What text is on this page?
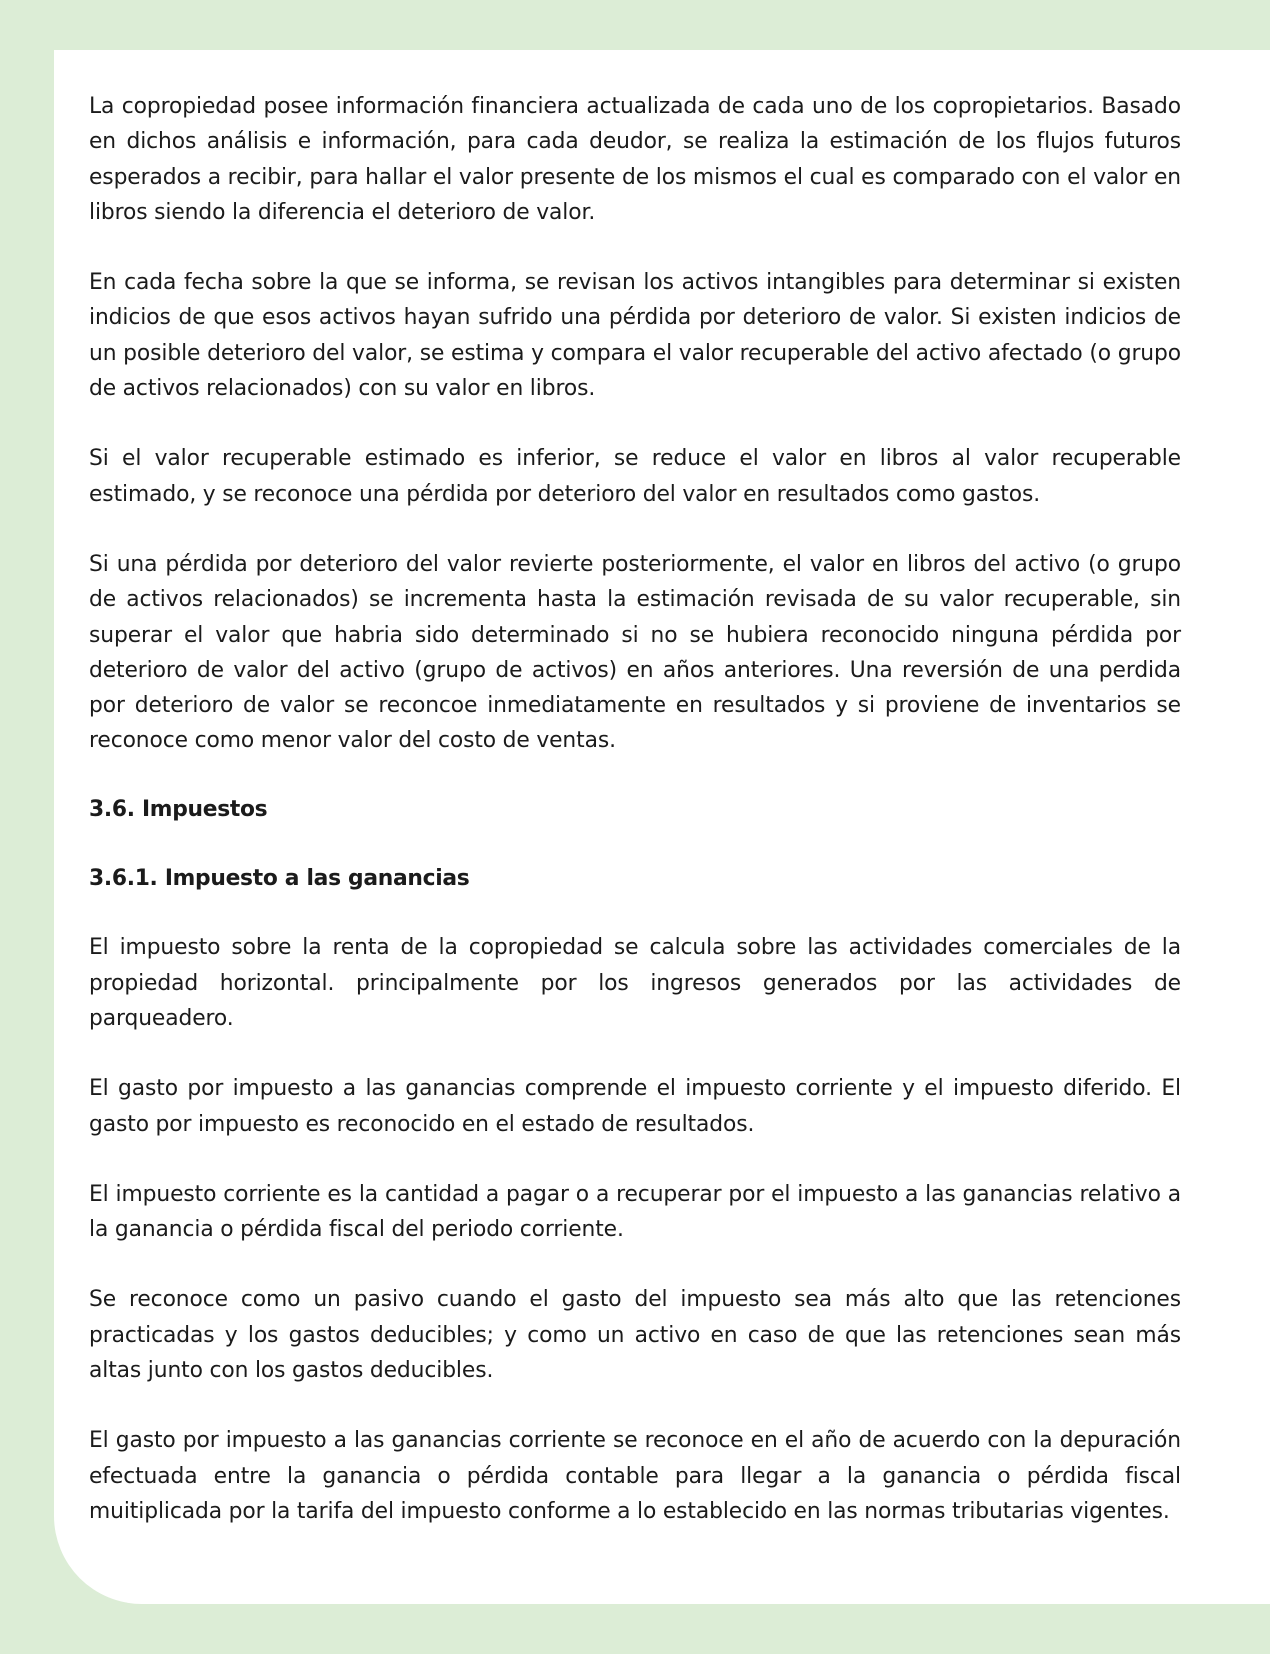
La copropiedad posee información financiera actualizada de cada uno de los copropietarios. Basado en dichos análisis e información, para cada deudor, se realiza la estimación de los flujos futuros esperados a recibir, para hallar el valor presente de los mismos el cual es comparado con el valor en libros siendo la diferencia el deterioro de valor.

En cada fecha sobre la que se informa, se revisan los activos intangibles para determinar si existen indicios de que esos activos hayan sufrido una pérdida por deterioro de valor. Si existen indicios de un posible deterioro del valor, se estima y compara el valor recuperable del activo afectado (o grupo de activos relacionados) con su valor en libros.

Si el valor recuperable estimado es inferior, se reduce el valor en libros al valor recuperable estimado, y se reconoce una pérdida por deterioro del valor en resultados como gastos.

Si una pérdida por deterioro del valor revierte posteriormente, el valor en libros del activo (o grupo de activos relacionados) se incrementa hasta la estimación revisada de su valor recuperable, sin superar el valor que habria sido determinado si no se hubiera reconocido ninguna pérdida por deterioro de valor del activo (grupo de activos) en años anteriores. Una reversión de una perdida por deterioro de valor se reconcoe inmediatamente en resultados y si proviene de inventarios se reconoce como menor valor del costo de ventas.

3.6. Impuestos
3.6.1. Impuesto a las ganancias

El impuesto sobre la renta de la copropiedad se calcula sobre las actividades comerciales de la propiedad horizontal. principalmente por los ingresos generados por las actividades de parqueadero.

El gasto por impuesto a las ganancias comprende el impuesto corriente y el impuesto diferido. El gasto por impuesto es reconocido en el estado de resultados.

El impuesto corriente es la cantidad a pagar o a recuperar por el impuesto a las ganancias relativo a la ganancia o pérdida fiscal del periodo corriente.

Se reconoce como un pasivo cuando el gasto del impuesto sea más alto que las retenciones practicadas y los gastos deducibles; y como un activo en caso de que las retenciones sean más altas junto con los gastos deducibles.

El gasto por impuesto a las ganancias corriente se reconoce en el año de acuerdo con la depuración efectuada entre la ganancia o pérdida contable para llegar a la ganancia o pérdida fiscal muitiplicada por la tarifa del impuesto conforme a lo establecido en las normas tributarias vigentes.
